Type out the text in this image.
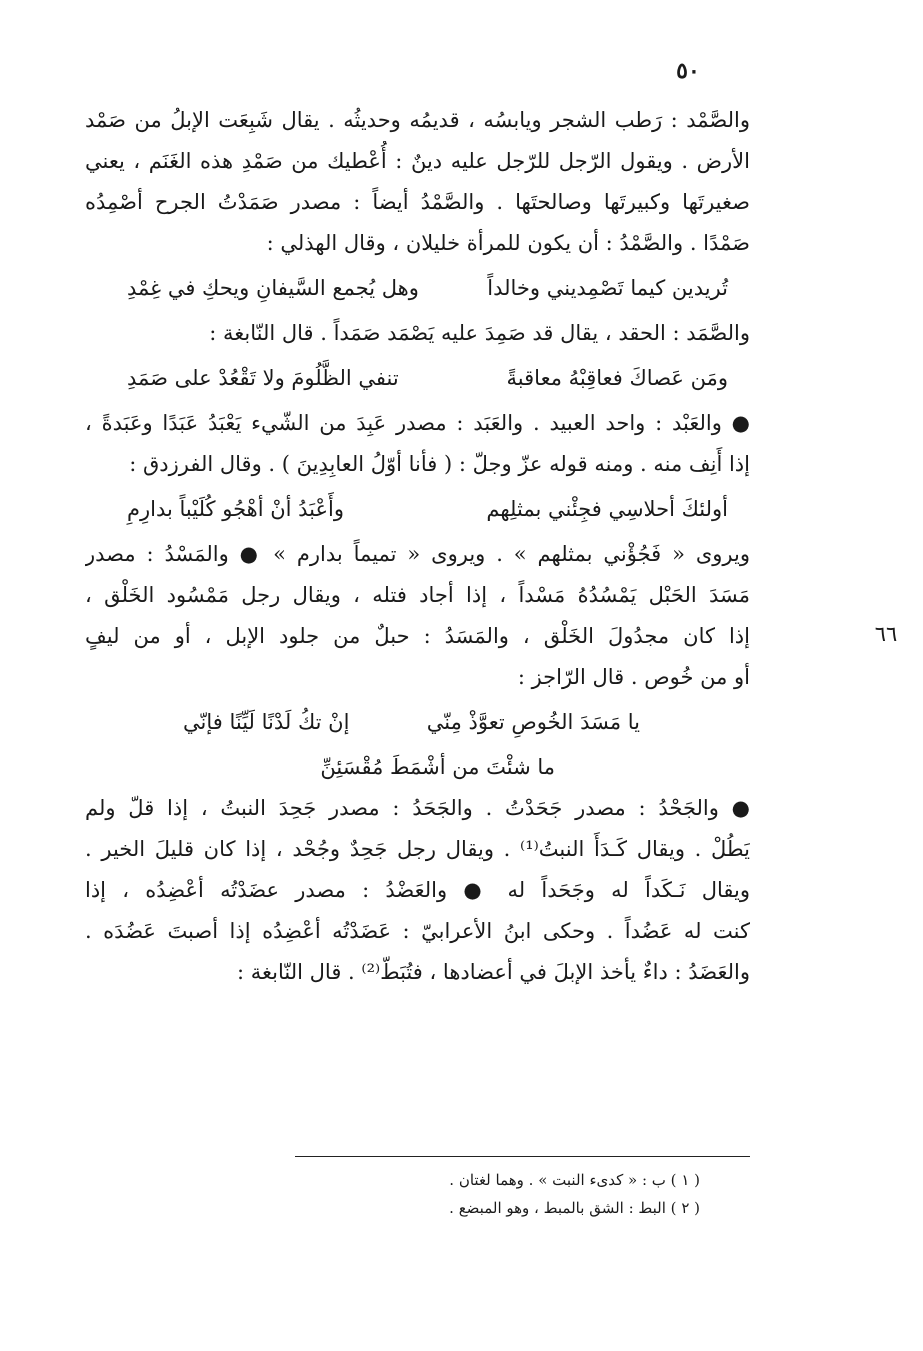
٥٠
٦٦
والصَّمْد : رَطب الشجر ويابسُه ، قديمُه وحديثُه . يقال شَبِعَت الإبلُ من صَمْد
الأرض . ويقول الرّجل للرّجل عليه دينٌ : أُعْطيك من صَمْدِ هذه الغَنَم ، يعني
صغيرتَها وكبيرتَها وصالحتَها . والصَّمْدُ أيضاً : مصدر صَمَدْتُ الجرح أصْمِدُه
صَمْدًا . والصَّمْدُ : أن يكون للمرأة خليلان ، وقال الهذلي :
تُريدين كيما تَصْمِديني وخالداً
وهل يُجمع السَّيفانِ ويحكِ في غِمْدِ
والصَّمَد : الحقد ، يقال قد صَمِدَ عليه يَصْمَد صَمَداً . قال النّابغة :
ومَن عَصاكَ فعاقِبْهُ معاقبةً
تنفي الظَّلُومَ ولا تَقْعُدْ على صَمَدِ
● والعَبْد : واحد العبيد . والعَبَد : مصدر عَبِدَ من الشّيء يَعْبَدُ عَبَدًا وعَبَدةً ،
إذا أَنِف منه . ومنه قوله عزّ وجلّ : ( فأنا أوّلُ العابِدِينَ ) . وقال الفرزدق :
أولئكَ أحلاسِي فجِئْني بمثلِهم
وأَعْبَدُ أنْ أهْجُو كُلَيْباً بدارِمِ
ويروى « فَجُؤْني بمثلهم » . ويروى « تميماً بدارم » ● والمَسْدُ : مصدر
مَسَدَ الحَبْل يَمْسُدُهُ مَسْداً ، إذا أجاد فتله ، ويقال رجل مَمْسُود الخَلْق ،
إذا كان مجدُولَ الخَلْق ، والمَسَدُ : حبلٌ من جلود الإبل ، أو من ليفٍ
أو من خُوص . قال الرّاجز :
يا مَسَدَ الخُوصِ تعوَّذْ مِنّي
إنْ تكُ لَدْنًا لَيِّنًا فإنّي
ما شئْتَ من أشْمَطَ مُقْسَئِنِّ
● والجَحْدُ : مصدر جَحَدْتُ . والجَحَدُ : مصدر جَحِدَ النبتُ ، إذا قلّ ولم
يَطُلْ . ويقال كَـدَأَ النبتُ⁽¹⁾ . ويقال رجل جَحِدٌ وجُحْد ، إذا كان قليلَ الخير .
ويقال نَـكَداً له وجَحَداً له ● والعَضْدُ : مصدر عضَدْتُه أعْضِدُه ، إذا
كنت له عَضُداً . وحكى ابنُ الأعرابيّ : عَضَدْتُه أعْضِدُه إذا أصبتَ عَضُدَه .
والعَضَدُ : داءٌ يأخذ الإبلَ في أعضادها ، فتُبَطّ⁽²⁾ . قال النّابغة :
( ١ ) ب : « كدىء النبت » . وهما لغتان .
( ٢ ) البط : الشق بالمبط ، وهو المبضع .
